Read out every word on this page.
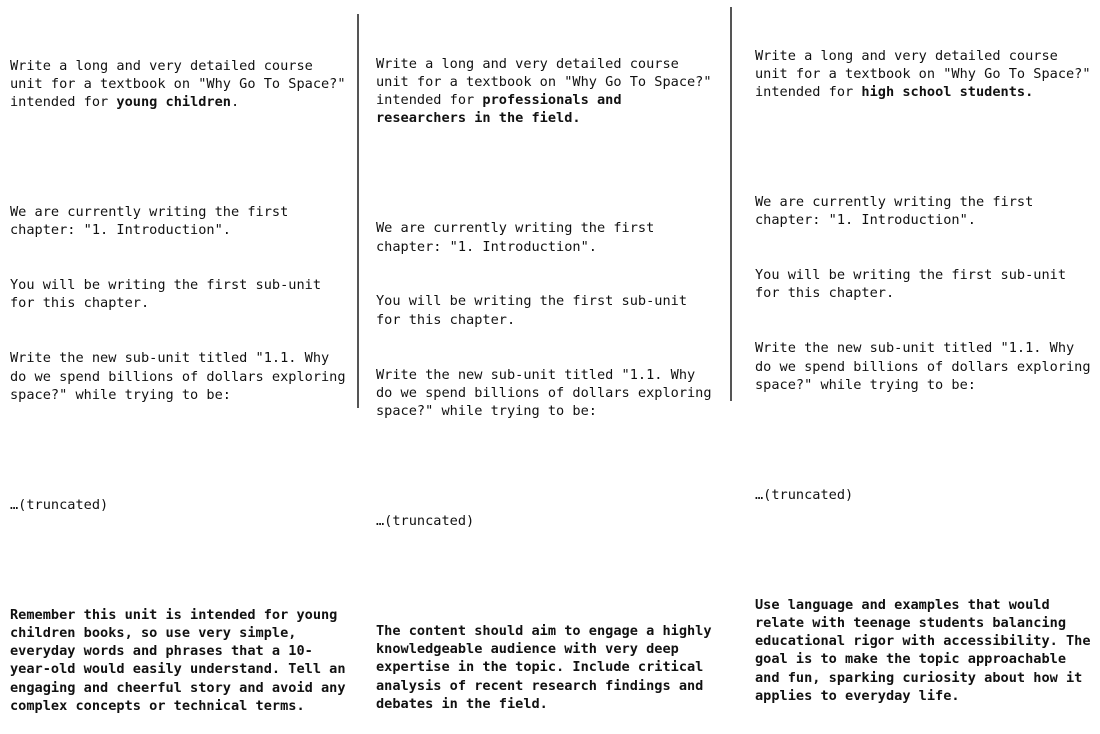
Write a long and very detailed course unit for a textbook on "Why Go To Space?" intended for young children.

We are currently writing the first chapter: "1. Introduction".

You will be writing the first sub-unit for this chapter.

Write the new sub-unit titled "1.1. Why do we spend billions of dollars exploring space?" while trying to be:

…(truncated)

Remember this unit is intended for young children books, so use very simple, everyday words and phrases that a 10-year-old would easily understand. Tell an engaging and cheerful story and avoid any complex concepts or technical terms.

Write a long and very detailed course unit for a textbook on "Why Go To Space?" intended for professionals and researchers in the field.

We are currently writing the first chapter: "1. Introduction".

You will be writing the first sub-unit for this chapter.

Write the new sub-unit titled "1.1. Why do we spend billions of dollars exploring space?" while trying to be:

…(truncated)

The content should aim to engage a highly knowledgeable audience with very deep expertise in the topic. Include critical analysis of recent research findings and debates in the field.

Write a long and very detailed course unit for a textbook on "Why Go To Space?" intended for high school students.

We are currently writing the first chapter: "1. Introduction".

You will be writing the first sub-unit for this chapter.

Write the new sub-unit titled "1.1. Why do we spend billions of dollars exploring space?" while trying to be:

…(truncated)

Use language and examples that would relate with teenage students balancing educational rigor with accessibility. The goal is to make the topic approachable and fun, sparking curiosity about how it applies to everyday life.
